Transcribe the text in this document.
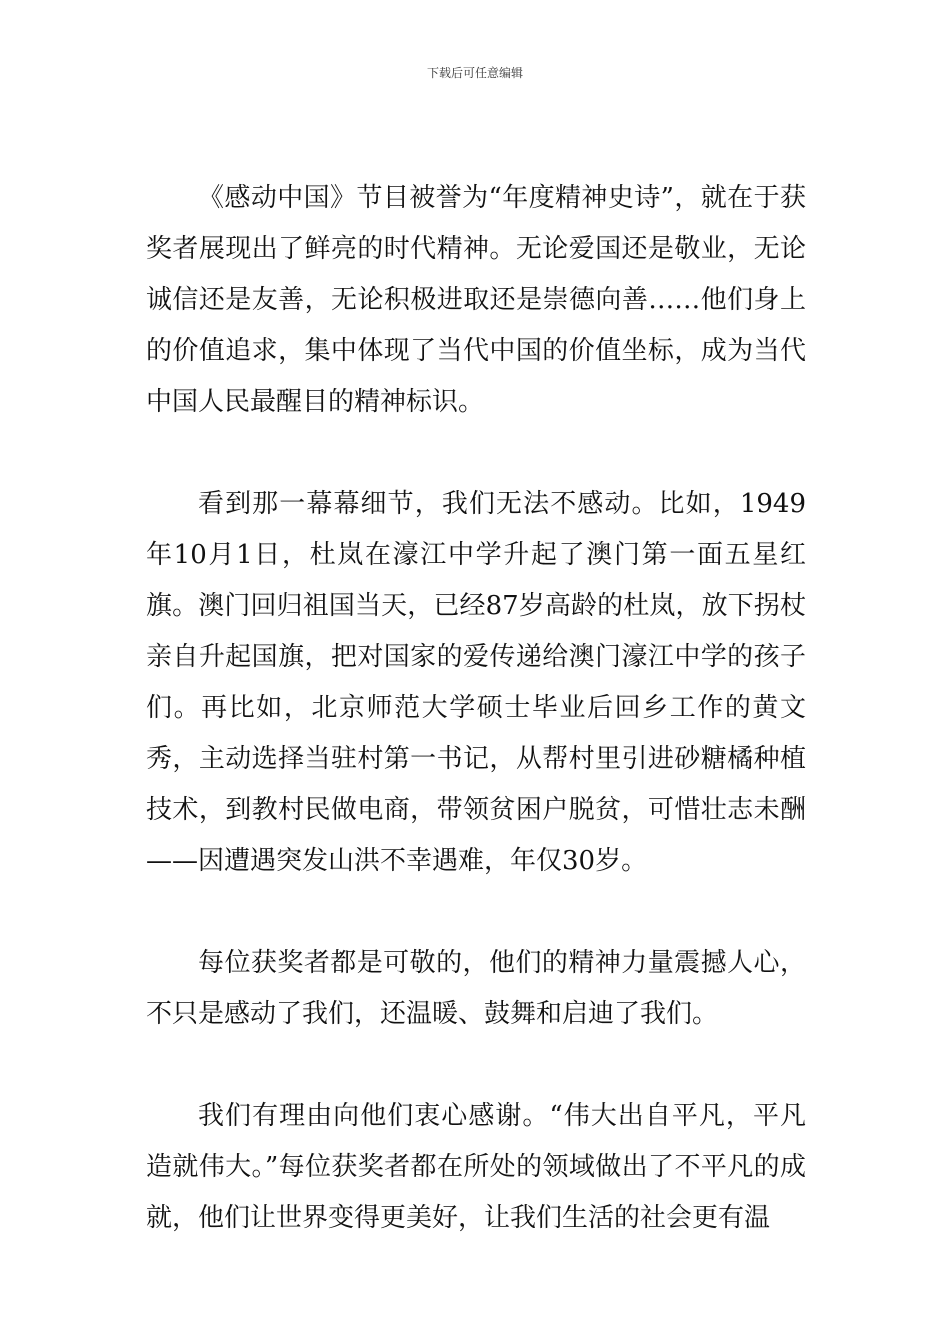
下载后可任意编辑

《感动中国》节目被誉为“年度精神史诗”，就在于获奖者展现出了鲜亮的时代精神。无论爱国还是敬业，无论诚信还是友善，无论积极进取还是崇德向善……他们身上的价值追求，集中体现了当代中国的价值坐标，成为当代中国人民最醒目的精神标识。

看到那一幕幕细节，我们无法不感动。比如，1949年10月1日，杜岚在濠江中学升起了澳门第一面五星红旗。澳门回归祖国当天，已经87岁高龄的杜岚，放下拐杖亲自升起国旗，把对国家的爱传递给澳门濠江中学的孩子们。再比如，北京师范大学硕士毕业后回乡工作的黄文秀，主动选择当驻村第一书记，从帮村里引进砂糖橘种植技术，到教村民做电商，带领贫困户脱贫，可惜壮志未酬——因遭遇突发山洪不幸遇难，年仅30岁。

每位获奖者都是可敬的，他们的精神力量震撼人心，不只是感动了我们，还温暖、鼓舞和启迪了我们。

我们有理由向他们衷心感谢。“伟大出自平凡，平凡造就伟大。”每位获奖者都在所处的领域做出了不平凡的成就，他们让世界变得更美好，让我们生活的社会更有温
